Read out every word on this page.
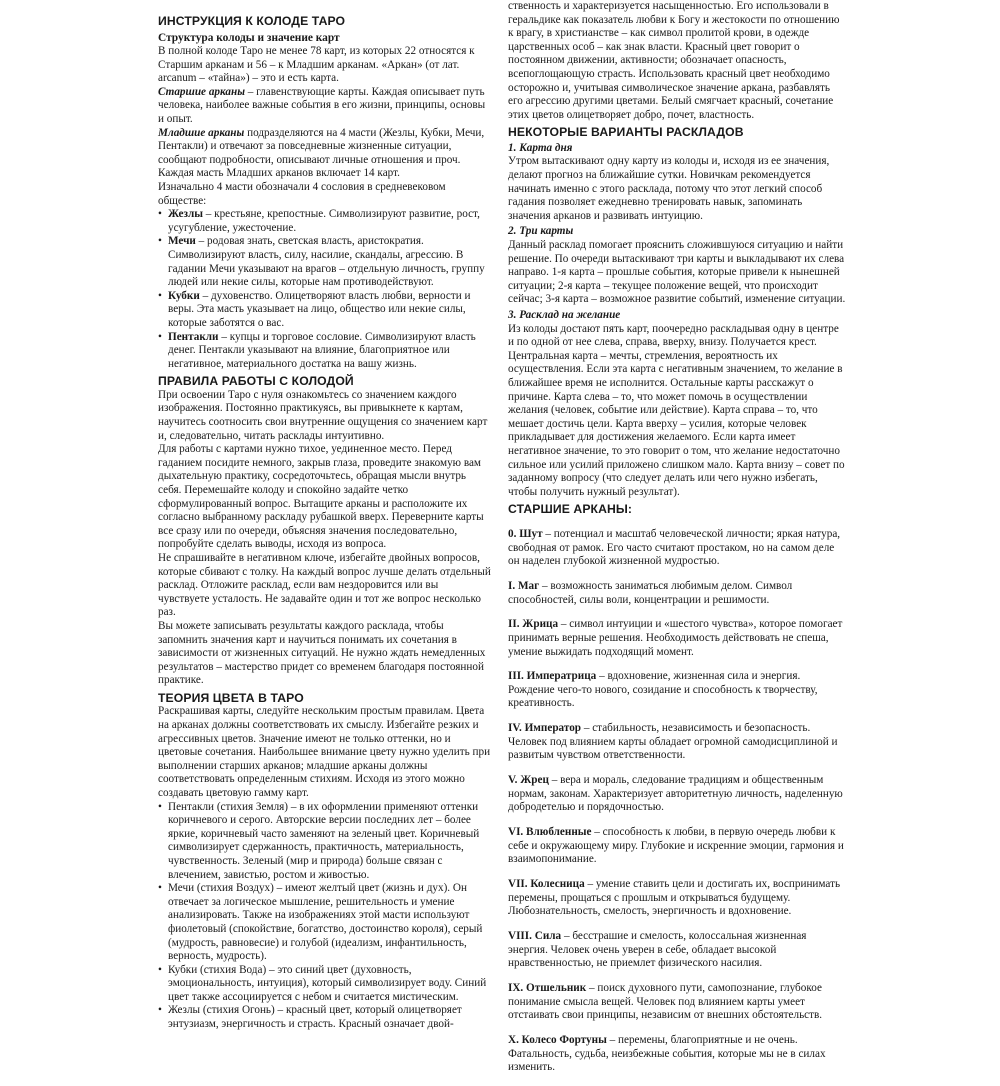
ИНСТРУКЦИЯ К КОЛОДЕ ТАРО

Структура колоды и значение карт

В полной колоде Таро не менее 78 карт, из которых 22 относятся к Старшим арканам и 56 – к Младшим арканам. «Аркан» (от лат. arcanum – «тайна») – это и есть карта.

Старшие арканы – главенствующие карты. Каждая описывает путь человека, наиболее важные события в его жизни, принципы, основы и опыт.

Младшие арканы подразделяются на 4 масти (Жезлы, Кубки, Мечи, Пентакли) и отвечают за повседневные жизненные ситуации, сообщают подробности, описывают личные отношения и проч. Каждая масть Младших арканов включает 14 карт.

Изначально 4 масти обозначали 4 сословия в средневековом обществе:

• Жезлы – крестьяне, крепостные. Символизируют развитие, рост, усугубление, ужесточение.
• Мечи – родовая знать, светская власть, аристократия. Символизируют власть, силу, насилие, скандалы, агрессию. В гадании Мечи указывают на врагов – отдельную личность, группу людей или некие силы, которые нам противодействуют.
• Кубки – духовенство. Олицетворяют власть любви, верности и веры. Эта масть указывает на лицо, общество или некие силы, которые заботятся о вас.
• Пентакли – купцы и торговое сословие. Символизируют власть денег. Пентакли указывают на влияние, благоприятное или негативное, материального достатка на вашу жизнь.

ПРАВИЛА РАБОТЫ С КОЛОДОЙ

При освоении Таро с нуля ознакомьтесь со значением каждого изображения. Постоянно практикуясь, вы привыкнете к картам, научитесь соотносить свои внутренние ощущения со значением карт и, следовательно, читать расклады интуитивно.

Для работы с картами нужно тихое, уединенное место. Перед гаданием посидите немного, закрыв глаза, проведите знакомую вам дыхательную практику, сосредоточьтесь, обращая мысли внутрь себя. Перемешайте колоду и спокойно задайте четко сформулированный вопрос. Вытащите арканы и расположите их согласно выбранному раскладу рубашкой вверх. Переверните карты все сразу или по очереди, объясняя значения последовательно, попробуйте сделать выводы, исходя из вопроса.

Не спрашивайте в негативном ключе, избегайте двойных вопросов, которые сбивают с толку. На каждый вопрос лучше делать отдельный расклад. Отложите расклад, если вам нездоровится или вы чувствуете усталость. Не задавайте один и тот же вопрос несколько раз.

Вы можете записывать результаты каждого расклада, чтобы запомнить значения карт и научиться понимать их сочетания в зависимости от жизненных ситуаций. Не нужно ждать немедленных результатов – мастерство придет со временем благодаря постоянной практике.

ТЕОРИЯ ЦВЕТА В ТАРО

Раскрашивая карты, следуйте нескольким простым правилам. Цвета на арканах должны соответствовать их смыслу. Избегайте резких и агрессивных цветов. Значение имеют не только оттенки, но и цветовые сочетания. Наибольшее внимание цвету нужно уделить при выполнении старших арканов; младшие арканы должны соответствовать определенным стихиям. Исходя из этого можно создавать цветовую гамму карт.

• Пентакли (стихия Земля) – в их оформлении применяют оттенки коричневого и серого. Авторские версии последних лет – более яркие, коричневый часто заменяют на зеленый цвет. Коричневый символизирует сдержанность, практичность, материальность, чувственность. Зеленый (мир и природа) больше связан с влечением, завистью, ростом и живостью.
• Мечи (стихия Воздух) – имеют желтый цвет (жизнь и дух). Он отвечает за логическое мышление, решительность и умение анализировать. Также на изображениях этой масти используют фиолетовый (спокойствие, богатство, достоинство короля), серый (мудрость, равновесие) и голубой (идеализм, инфантильность, верность, мудрость).
• Кубки (стихия Вода) – это синий цвет (духовность, эмоциональность, интуиция), который символизирует воду. Синий цвет также ассоциируется с небом и считается мистическим.
• Жезлы (стихия Огонь) – красный цвет, который олицетворяет энтузиазм, энергичность и страсть. Красный означает двой-

ственность и характеризуется насыщенностью. Его использовали в геральдике как показатель любви к Богу и жестокости по отношению к врагу, в христианстве – как символ пролитой крови, в одежде царственных особ – как знак власти. Красный цвет говорит о постоянном движении, активности; обозначает опасность, всепоглощающую страсть. Использовать красный цвет необходимо осторожно и, учитывая символическое значение аркана, разбавлять его агрессию другими цветами. Белый смягчает красный, сочетание этих цветов олицетворяет добро, почет, властность.

НЕКОТОРЫЕ ВАРИАНТЫ РАСКЛАДОВ

1. Карта дня

Утром вытаскивают одну карту из колоды и, исходя из ее значения, делают прогноз на ближайшие сутки. Новичкам рекомендуется начинать именно с этого расклада, потому что этот легкий способ гадания позволяет ежедневно тренировать навык, запоминать значения арканов и развивать интуицию.

2. Три карты

Данный расклад помогает прояснить сложившуюся ситуацию и найти решение. По очереди вытаскивают три карты и выкладывают их слева направо. 1-я карта – прошлые события, которые привели к нынешней ситуации; 2-я карта – текущее положение вещей, что происходит сейчас; 3-я карта – возможное развитие событий, изменение ситуации.

3. Расклад на желание

Из колоды достают пять карт, поочередно раскладывая одну в центре и по одной от нее слева, справа, вверху, внизу. Получается крест. Центральная карта – мечты, стремления, вероятность их осуществления. Если эта карта с негативным значением, то желание в ближайшее время не исполнится. Остальные карты расскажут о причине. Карта слева – то, что может помочь в осуществлении желания (человек, событие или действие). Карта справа – то, что мешает достичь цели. Карта вверху – усилия, которые человек прикладывает для достижения желаемого. Если карта имеет негативное значение, то это говорит о том, что желание недостаточно сильное или усилий приложено слишком мало. Карта внизу – совет по заданному вопросу (что следует делать или чего нужно избегать, чтобы получить нужный результат).

СТАРШИЕ АРКАНЫ:

0. Шут – потенциал и масштаб человеческой личности; яркая натура, свободная от рамок. Его часто считают простаком, но на самом деле он наделен глубокой жизненной мудростью.

I. Маг – возможность заниматься любимым делом. Символ способностей, силы воли, концентрации и решимости.

II. Жрица – символ интуиции и «шестого чувства», которое помогает принимать верные решения. Необходимость действовать не спеша, умение выжидать подходящий момент.

III. Императрица – вдохновение, жизненная сила и энергия. Рождение чего-то нового, созидание и способность к творчеству, креативность.

IV. Император – стабильность, независимость и безопасность. Человек под влиянием карты обладает огромной самодисциплиной и развитым чувством ответственности.

V. Жрец – вера и мораль, следование традициям и общественным нормам, законам. Характеризует авторитетную личность, наделенную добродетелью и порядочностью.

VI. Влюбленные – способность к любви, в первую очередь любви к себе и окружающему миру. Глубокие и искренние эмоции, гармония и взаимопонимание.

VII. Колесница – умение ставить цели и достигать их, воспринимать перемены, прощаться с прошлым и открываться будущему. Любознательность, смелость, энергичность и вдохновение.

VIII. Сила – бесстрашие и смелость, колоссальная жизненная энергия. Человек очень уверен в себе, обладает высокой нравственностью, не приемлет физического насилия.

IX. Отшельник – поиск духовного пути, самопознание, глубокое понимание смысла вещей. Человек под влиянием карты умеет отстаивать свои принципы, независим от внешних обстоятельств.

X. Колесо Фортуны – перемены, благоприятные и не очень. Фатальность, судьба, неизбежные события, которые мы не в силах изменить.
